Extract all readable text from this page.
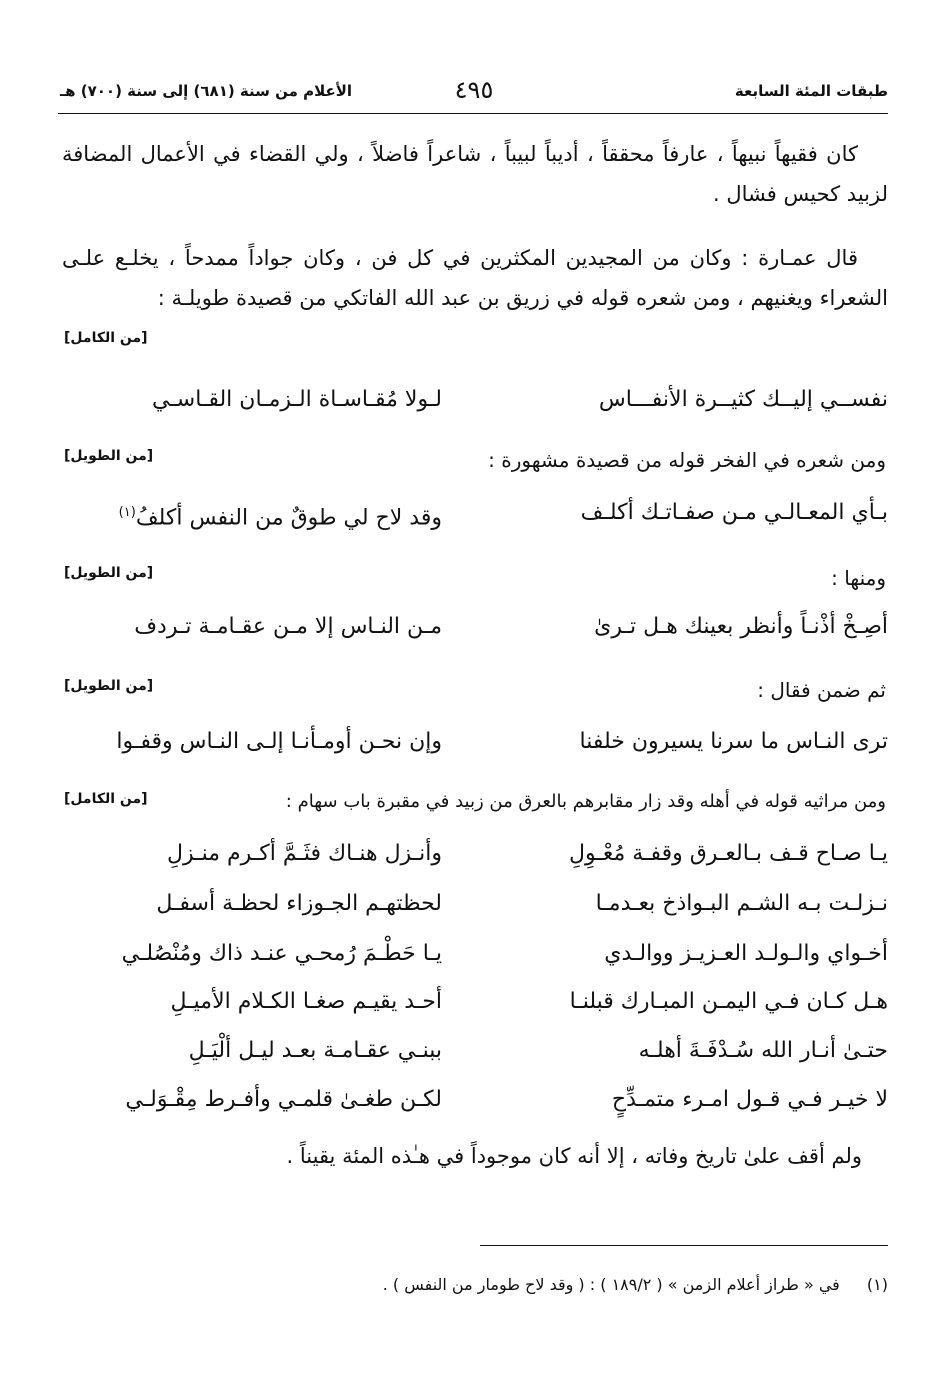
طبقات المئة السابعة
٤٩٥
الأعلام من سنة (٦٨١) إلى سنة (٧٠٠) هـ
كان فقيهاً نبيهاً ، عارفاً محققاً ، أديباً لبيباً ، شاعراً فاضلاً ، ولي القضاء في الأعمال المضافة لزبيد كحيس فشال .
قال عمـارة : وكان من المجيدين المكثرين في كل فن ، وكان جواداً ممدحاً ، يخلـع علـى الشعراء ويغنيهم ، ومن شعره قوله في زريق بن عبد الله الفاتكي من قصيدة طويلـة :
[من الكامل]
نفســي إليــك كثيــرة الأنفـــاس
لـولا مُقـاسـاة الـزمـان القـاسـي
ومن شعره في الفخر قوله من قصيدة مشهورة :
[من الطويل]
بـأي المعـالـي مـن صفـاتـك أكلـف
وقد لاح لي طوقٌ من النفس أكلفُ$^{(١)}$
ومنها :
[من الطويل]
أصِـخْ أذْنـاً وأنظر بعينك هـل تـرىٰ
مـن النـاس إلا مـن عقـامـة تـردف
ثم ضمن فقال :
[من الطويل]
ترى النـاس ما سرنا يسيرون خلفنا
وإن نحـن أومـأنـا إلـى النـاس وقفـوا
ومن مراثيه قوله في أهله وقد زار مقابرهم بالعرق من زبيد في مقبرة باب سهام :
[من الكامل]
يـا صـاح قـف بـالعـرق وقفـة مُعْـوِلِ
وأنـزل هنـاك فثَـمَّ أكـرم منـزلِ
نـزلـت بـه الشـم البـواذخ بعـدمـا
لحظتهـم الجـوزاء لحظـة أسفـل
أخـواي والـولـد العـزيـز ووالـدي
يـا حَطْـمَ رُمحـي عنـد ذاك ومُنْصُلـي
هـل كـان فـي اليمـن المبـارك قبلنـا
أحـد يقيـم صغـا الكـلام الأميـلِ
حتـىٰ أنـار الله سُـدْفَـةَ أهلـه
ببنـي عقـامـة بعـد ليـل ألْيَـلِ
لا خيـر فـي قـول امـرء متمـدِّحٍ
لكـن طغـىٰ قلمـي وأفـرط مِقْـوَلـي
ولم أقف علىٰ تاريخ وفاته ، إلا أنه كان موجوداً في هـٰذه المئة يقيناً .
(١) في « طراز أعلام الزمن » ( ١٨٩/٢ ) : ( وقد لاح طومار من النفس ) .
